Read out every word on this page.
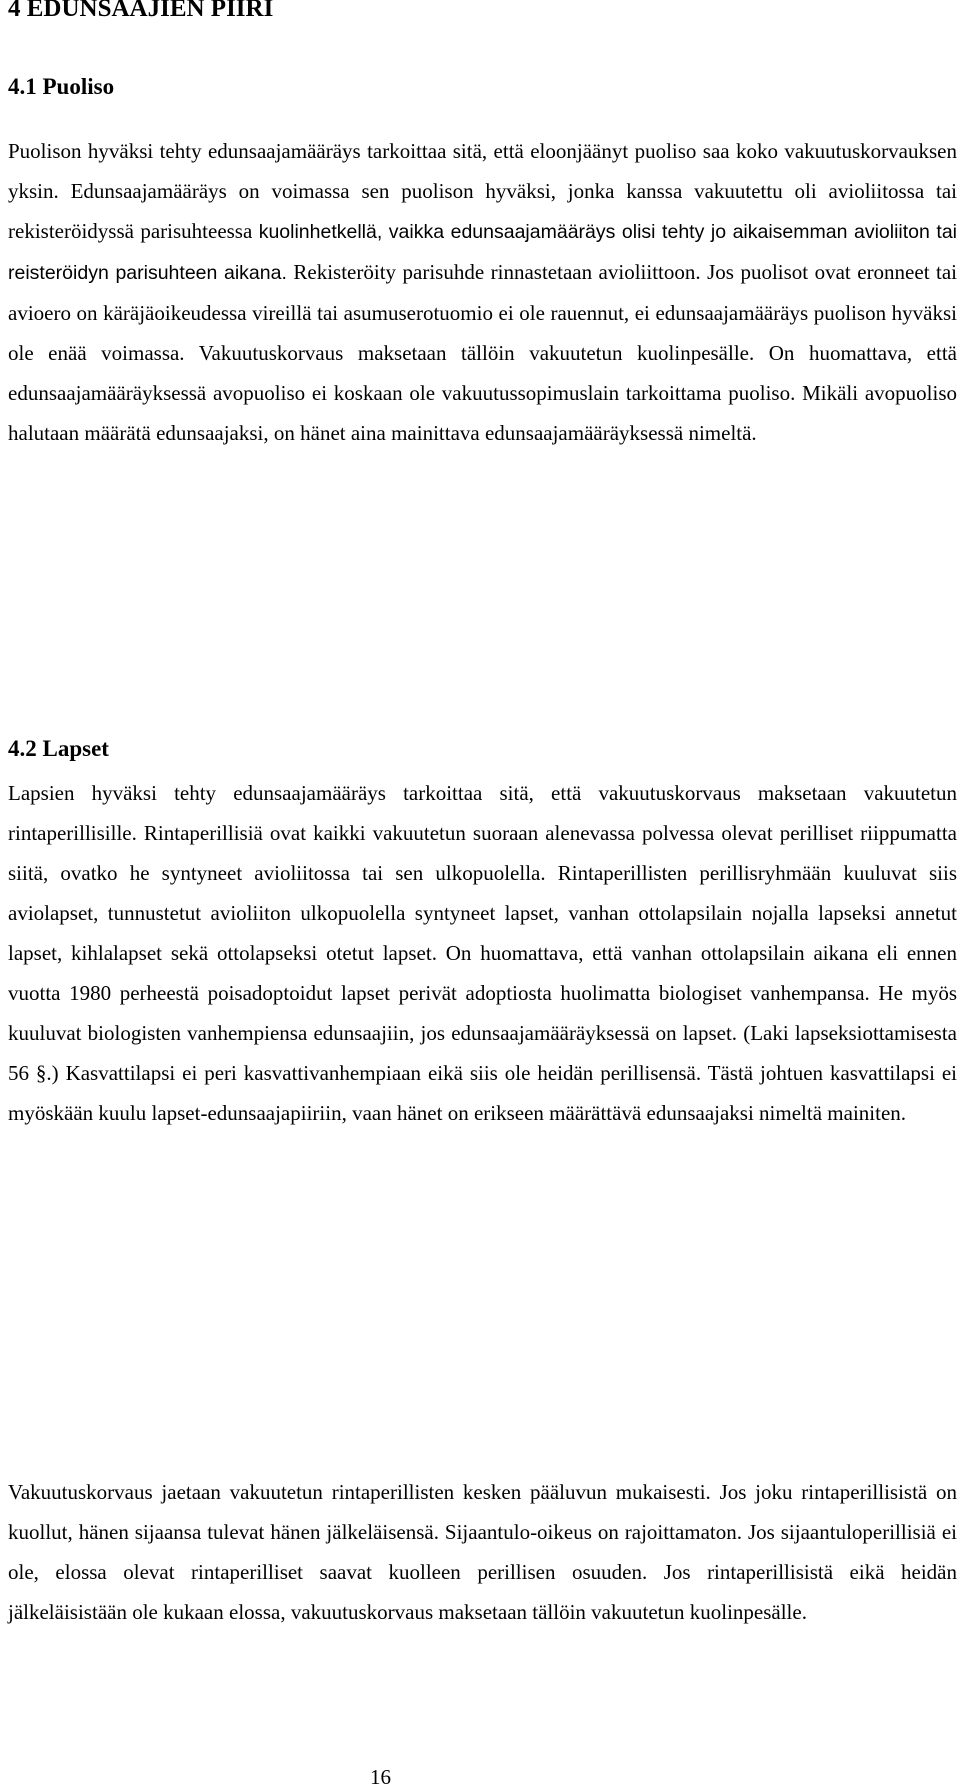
4 EDUNSAAJIEN PIIRI
4.1 Puoliso

Puolison hyväksi tehty edunsaajamääräys tarkoittaa sitä, että eloonjäänyt puoliso saa koko vakuutuskorvauksen yksin. Edunsaajamääräys on voimassa sen puolison hyväksi, jonka kanssa vakuutettu oli avioliitossa tai rekisteröidyssä parisuhteessa kuolinhetkellä, vaikka edunsaajamääräys olisi tehty jo aikaisemman avioliiton tai reisteröidyn parisuhteen aikana. Rekisteröity parisuhde rinnastetaan avioliittoon. Jos puolisot ovat eronneet tai avioero on käräjäoikeudessa vireillä tai asumuserotuomio ei ole rauennut, ei edunsaajamääräys puolison hyväksi ole enää voimassa. Vakuutuskorvaus maksetaan tällöin vakuutetun kuolinpesälle. On huomattava, että edunsaajamääräyksessä avopuoliso ei koskaan ole vakuutussopimuslain tarkoittama puoliso. Mikäli avopuoliso halutaan määrätä edunsaajaksi, on hänet aina mainittava edunsaajamääräyksessä nimeltä.

4.2 Lapset

Lapsien hyväksi tehty edunsaajamääräys tarkoittaa sitä, että vakuutuskorvaus maksetaan vakuutetun rintaperillisille. Rintaperillisiä ovat kaikki vakuutetun suoraan alenevassa polvessa olevat perilliset riippumatta siitä, ovatko he syntyneet avioliitossa tai sen ulkopuolella. Rintaperillisten perillisryhmään kuuluvat siis aviolapset, tunnustetut avioliiton ulkopuolella syntyneet lapset, vanhan ottolapsilain nojalla lapseksi annetut lapset, kihlalapset sekä ottolapseksi otetut lapset. On huomattava, että vanhan ottolapsilain aikana eli ennen vuotta 1980 perheestä poisadoptoidut lapset perivät adoptiosta huolimatta biologiset vanhempansa. He myös kuuluvat biologisten vanhempiensa edunsaajiin, jos edunsaajamääräyksessä on lapset. (Laki lapseksiottamisesta 56 §.) Kasvattilapsi ei peri kasvattivanhempiaan eikä siis ole heidän perillisensä. Tästä johtuen kasvattilapsi ei myöskään kuulu lapset-edunsaajapiiriin, vaan hänet on erikseen määrättävä edunsaajaksi nimeltä mainiten.

Vakuutuskorvaus jaetaan vakuutetun rintaperillisten kesken pääluvun mukaisesti. Jos joku rintaperillisistä on kuollut, hänen sijaansa tulevat hänen jälkeläisensä. Sijaantulo-oikeus on rajoittamaton. Jos sijaantuloperillisiä ei ole, elossa olevat rintaperilliset saavat kuolleen perillisen osuuden. Jos rintaperillisistä eikä heidän jälkeläisistään ole kukaan elossa, vakuutuskorvaus maksetaan tällöin vakuutetun kuolinpesälle.

16
